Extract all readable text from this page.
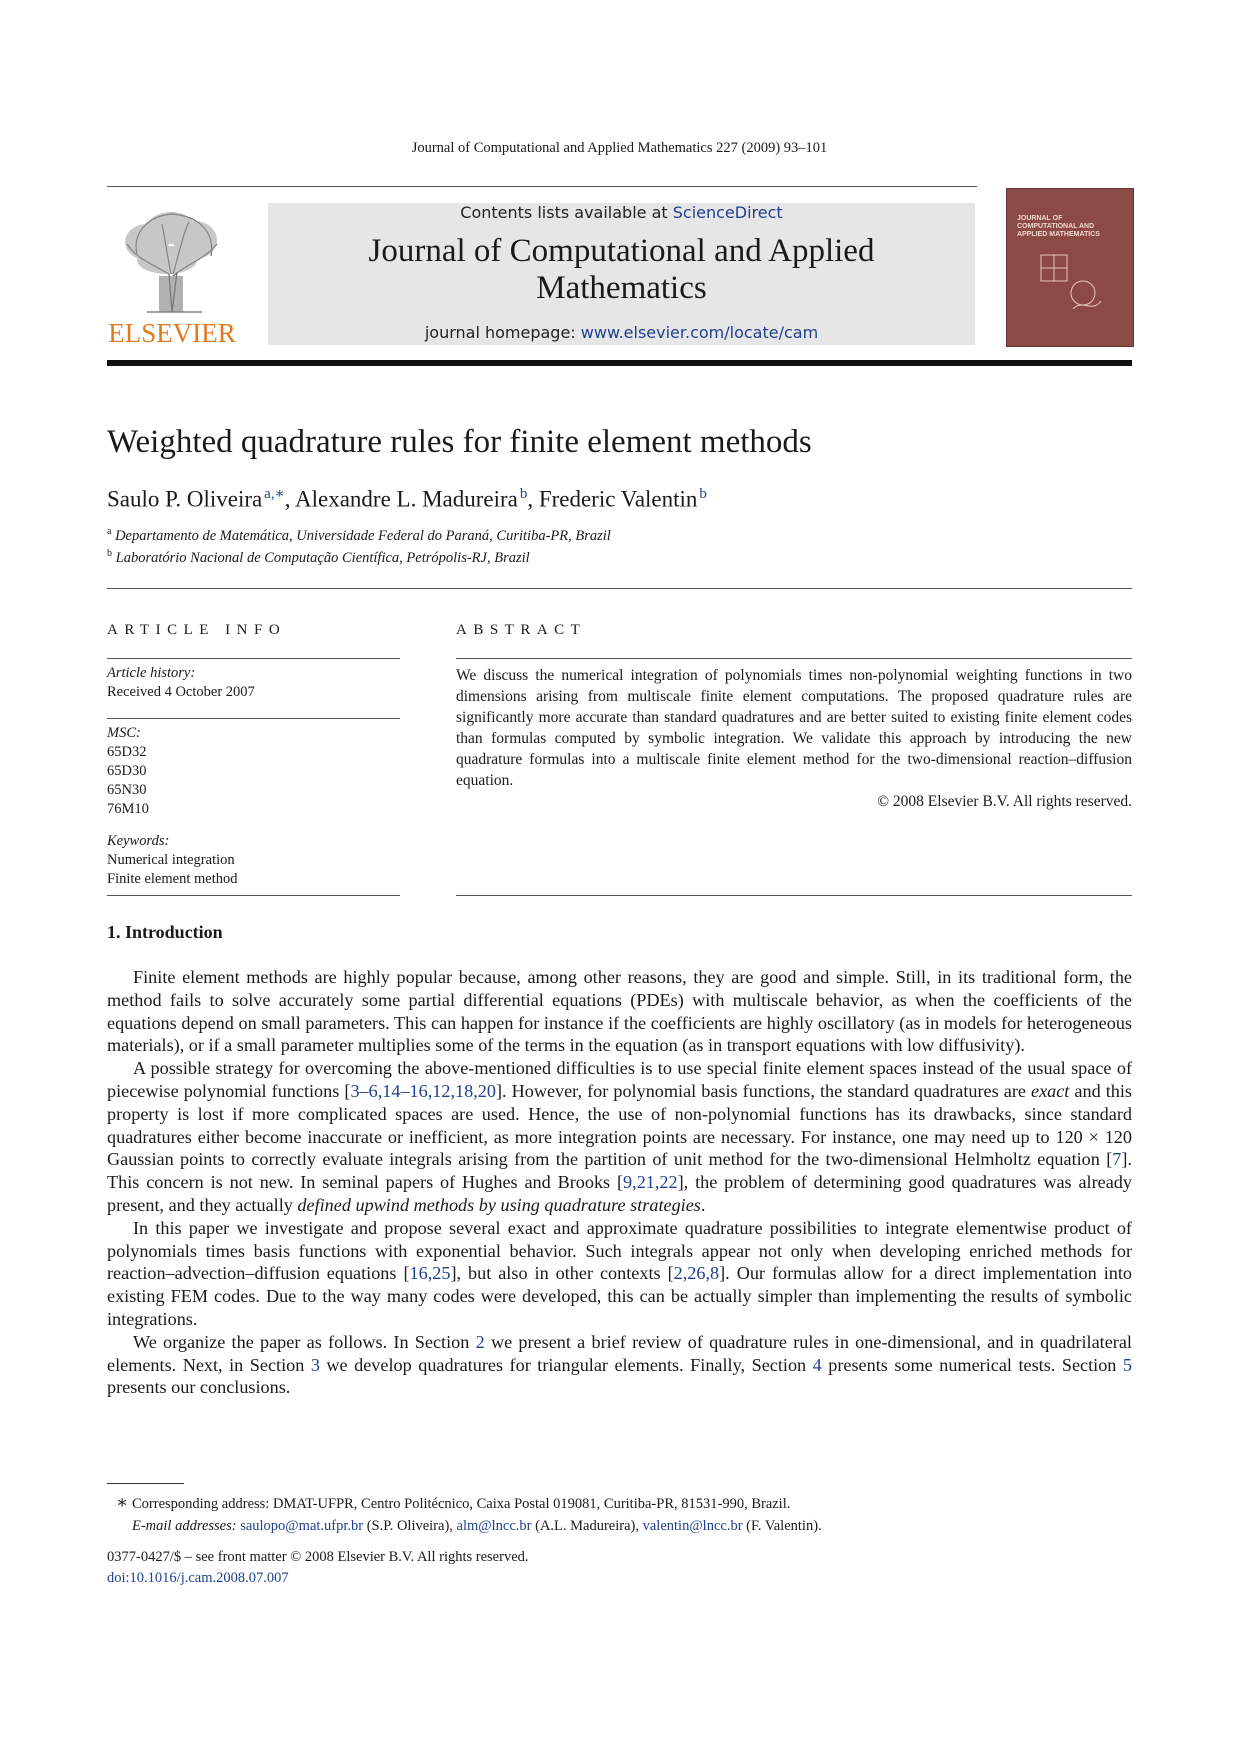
Journal of Computational and Applied Mathematics 227 (2009) 93–101
ELSEVIER
Contents lists available at ScienceDirect
Journal of Computational and Applied
Mathematics
journal homepage: www.elsevier.com/locate/cam
JOURNAL OF COMPUTATIONAL AND APPLIED MATHEMATICS
Weighted quadrature rules for finite element methods
Saulo P. Oliveira  $^{a,∗}$, Alexandre L. Madureira  $^b$, Frederic Valentin  $^b$
$^a$ Departamento de Matemática, Universidade Federal do Paraná, Curitiba-PR, Brazil
$^b$ Laboratório Nacional de Computação Científica, Petrópolis-RJ, Brazil
ARTICLE INFO
Article history:
Received 4 October 2007
MSC:
65D32
65D30
65N30
76M10
Keywords:
Numerical integration
Finite element method
ABSTRACT
We discuss the numerical integration of polynomials times non-polynomial weighting functions in two dimensions arising from multiscale finite element computations. The proposed quadrature rules are significantly more accurate than standard quadratures and are better suited to existing finite element codes than formulas computed by symbolic integration. We validate this approach by introducing the new quadrature formulas into a multiscale finite element method for the two-dimensional reaction–diffusion equation.
© 2008 Elsevier B.V. All rights reserved.
1. Introduction

Finite element methods are highly popular because, among other reasons, they are good and simple. Still, in its traditional form, the method fails to solve accurately some partial differential equations (PDEs) with multiscale behavior, as when the coefficients of the equations depend on small parameters. This can happen for instance if the coefficients are highly oscillatory (as in models for heterogeneous materials), or if a small parameter multiplies some of the terms in the equation (as in transport equations with low diffusivity).

A possible strategy for overcoming the above-mentioned difficulties is to use special finite element spaces instead of the usual space of piecewise polynomial functions [3–6,14–16,12,18,20]. However, for polynomial basis functions, the standard quadratures are exact and this property is lost if more complicated spaces are used. Hence, the use of non-polynomial functions has its drawbacks, since standard quadratures either become inaccurate or inefficient, as more integration points are necessary. For instance, one may need up to 120 × 120 Gaussian points to correctly evaluate integrals arising from the partition of unit method for the two-dimensional Helmholtz equation [7]. This concern is not new. In seminal papers of Hughes and Brooks [9,21,22], the problem of determining good quadratures was already present, and they actually defined upwind methods by using quadrature strategies.

In this paper we investigate and propose several exact and approximate quadrature possibilities to integrate elementwise product of polynomials times basis functions with exponential behavior. Such integrals appear not only when developing enriched methods for reaction–advection–diffusion equations [16,25], but also in other contexts [2,26,8]. Our formulas allow for a direct implementation into existing FEM codes. Due to the way many codes were developed, this can be actually simpler than implementing the results of symbolic integrations.

We organize the paper as follows. In Section 2 we present a brief review of quadrature rules in one-dimensional, and in quadrilateral elements. Next, in Section 3 we develop quadratures for triangular elements. Finally, Section 4 presents some numerical tests. Section 5 presents our conclusions.

∗ Corresponding address: DMAT-UFPR, Centro Politécnico, Caixa Postal 019081, Curitiba-PR, 81531-990, Brazil.
E-mail addresses: saulopo@mat.ufpr.br (S.P. Oliveira), alm@lncc.br (A.L. Madureira), valentin@lncc.br (F. Valentin).
0377-0427/$ – see front matter © 2008 Elsevier B.V. All rights reserved.
doi:10.1016/j.cam.2008.07.007
